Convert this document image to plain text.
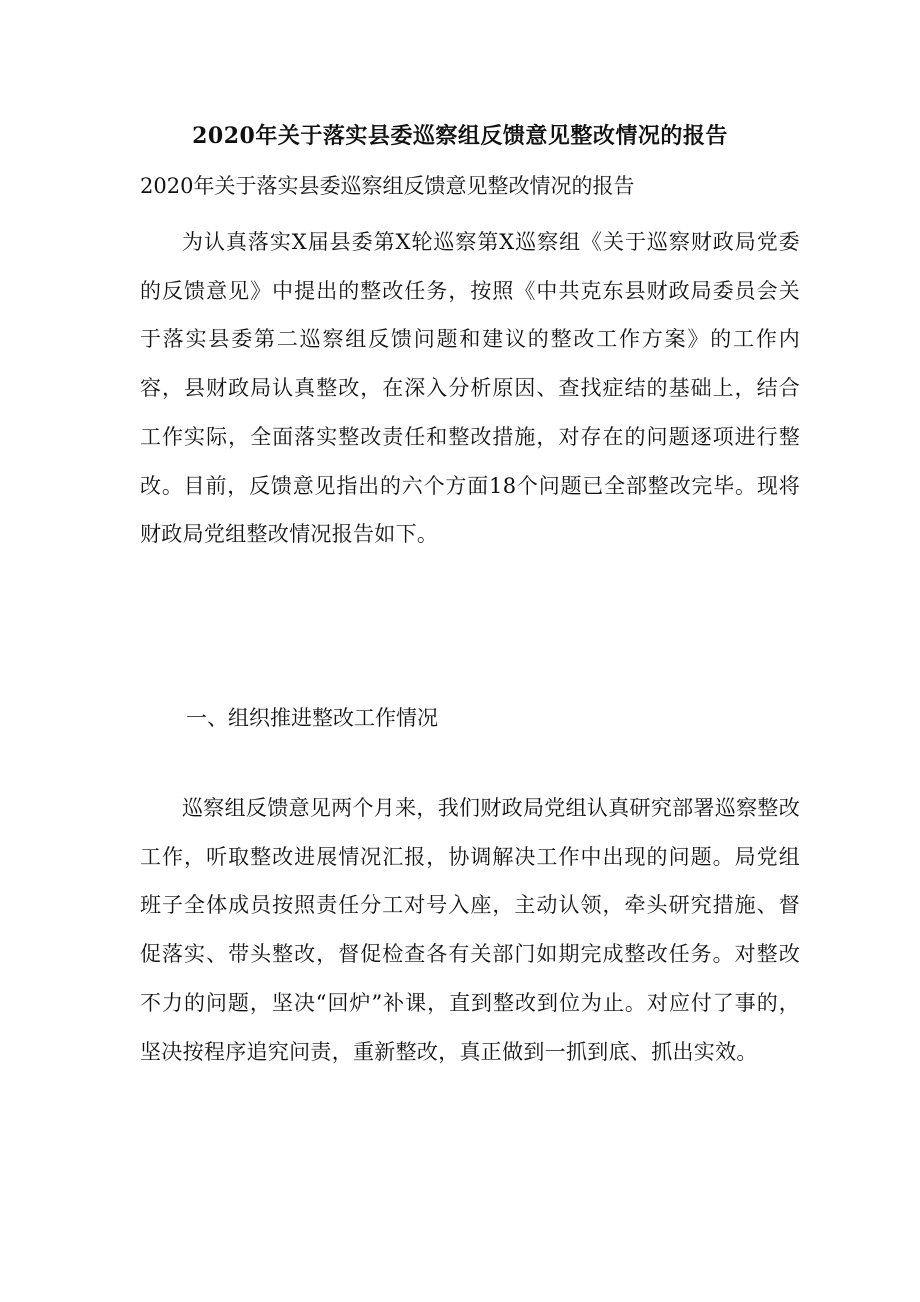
2020年关于落实县委巡察组反馈意见整改情况的报告

2020年关于落实县委巡察组反馈意见整改情况的报告

为认真落实X届县委第X轮巡察第X巡察组《关于巡察财政局党委的反馈意见》中提出的整改任务，按照《中共克东县财政局委员会关于落实县委第二巡察组反馈问题和建议的整改工作方案》的工作内容，县财政局认真整改，在深入分析原因、查找症结的基础上，结合工作实际，全面落实整改责任和整改措施，对存在的问题逐项进行整改。目前，反馈意见指出的六个方面18个问题已全部整改完毕。现将财政局党组整改情况报告如下。

一、组织推进整改工作情况

巡察组反馈意见两个月来，我们财政局党组认真研究部署巡察整改工作，听取整改进展情况汇报，协调解决工作中出现的问题。局党组班子全体成员按照责任分工对号入座，主动认领，牵头研究措施、督促落实、带头整改，督促检查各有关部门如期完成整改任务。对整改不力的问题，坚决“回炉”补课，直到整改到位为止。对应付了事的，坚决按程序追究问责，重新整改，真正做到一抓到底、抓出实效。
